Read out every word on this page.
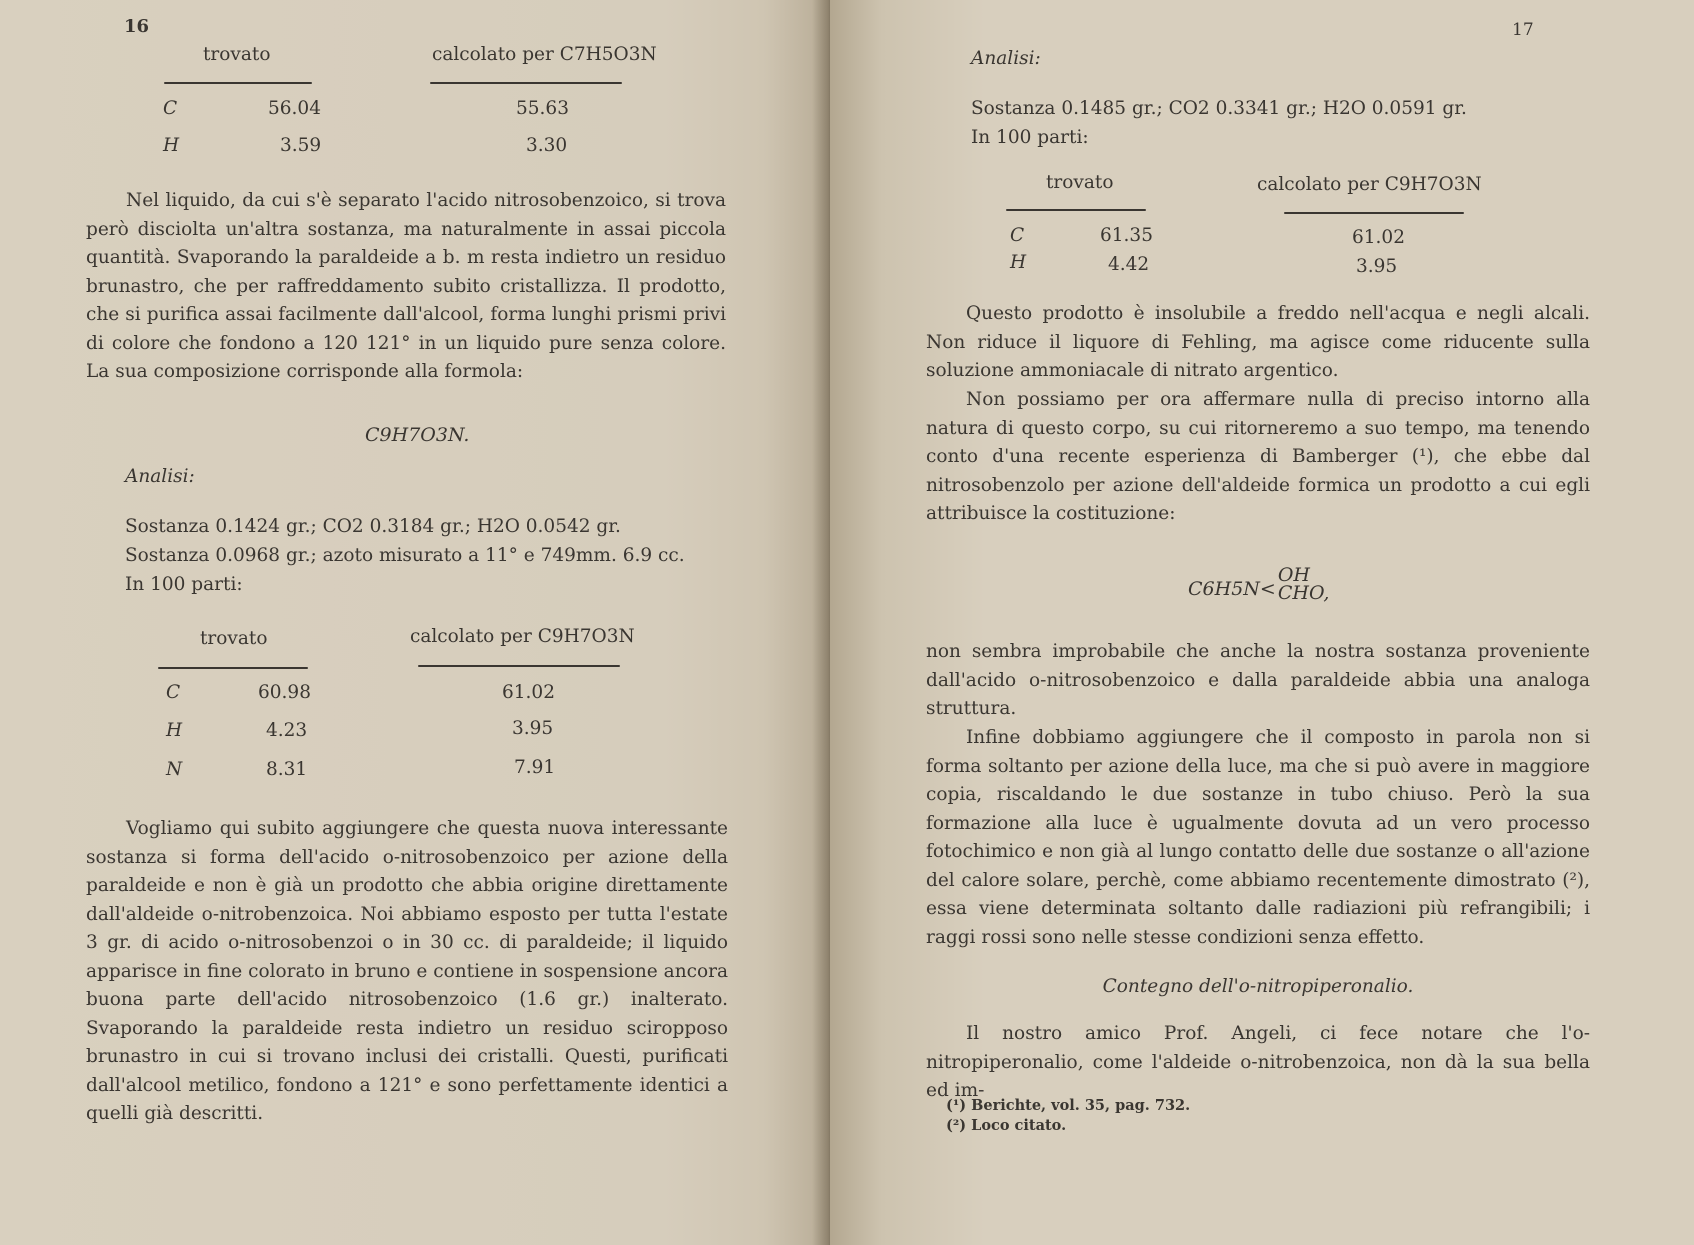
16
trovato	calcolato per C7H5O3N
C	56.04	55.63
H	3.59	3.30

Nel liquido, da cui s'è separato l'acido nitrosobenzoico, si trova però disciolta un'altra sostanza, ma naturalmente in assai piccola quantità. Svaporando la paraldeide a b. m resta indietro un residuo brunastro, che per raffreddamento subito cristallizza. Il prodotto, che si purifica assai facilmente dall'alcool, forma lunghi prismi privi di colore che fondono a 120 121° in un liquido pure senza colore. La sua composizione corrisponde alla formola:

C9H7O3N.
Analisi:
Sostanza 0.1424 gr.; CO2 0.3184 gr.; H2O 0.0542 gr.
Sostanza 0.0968 gr.; azoto misurato a 11° e 749mm. 6.9 cc.
In 100 parti:
trovato	calcolato per C9H7O3N
C	60.98	61.02
H	4.23	3.95
N	8.31	7.91

Vogliamo qui subito aggiungere che questa nuova interessante sostanza si forma dell'acido o-nitrosobenzoico per azione della paraldeide e non è già un prodotto che abbia origine direttamente dall'aldeide o-nitrobenzoica. Noi abbiamo esposto per tutta l'estate 3 gr. di acido o-nitrosobenzoi o in 30 cc. di paraldeide; il liquido apparisce in fine colorato in bruno e contiene in sospensione ancora buona parte dell'acido nitrosobenzoico (1.6 gr.) inalterato. Svaporando la paraldeide resta indietro un residuo sciropposo brunastro in cui si trovano inclusi dei cristalli. Questi, purificati dall'alcool metilico, fondono a 121° e sono perfettamente identici a quelli già descritti.

17
Analisi:
Sostanza 0.1485 gr.; CO2 0.3341 gr.; H2O 0.0591 gr.
In 100 parti:
trovato	calcolato per C9H7O3N
C	61.35	61.02
H	4.42	3.95

Questo prodotto è insolubile a freddo nell'acqua e negli alcali. Non riduce il liquore di Fehling, ma agisce come riducente sulla soluzione ammoniacale di nitrato argentico.

Non possiamo per ora affermare nulla di preciso intorno alla natura di questo corpo, su cui ritorneremo a suo tempo, ma tenendo conto d'una recente esperienza di Bamberger (¹), che ebbe dal nitrosobenzolo per azione dell'aldeide formica un prodotto a cui egli attribuisce la costituzione:

C6H5N<
OH
CHO,

non sembra improbabile che anche la nostra sostanza proveniente dall'acido o-nitrosobenzoico e dalla paraldeide abbia una analoga struttura.

Infine dobbiamo aggiungere che il composto in parola non si forma soltanto per azione della luce, ma che si può avere in maggiore copia, riscaldando le due sostanze in tubo chiuso. Però la sua formazione alla luce è ugualmente dovuta ad un vero processo fotochimico e non già al lungo contatto delle due sostanze o all'azione del calore solare, perchè, come abbiamo recentemente dimostrato (²), essa viene determinata soltanto dalle radiazioni più refrangibili; i raggi rossi sono nelle stesse condizioni senza effetto.

Contegno dell'o-nitropiperonalio.

Il nostro amico Prof. Angeli, ci fece notare che l'o-nitropiperonalio, come l'aldeide o-nitrobenzoica, non dà la sua bella ed im-

(¹) Berichte, vol. 35, pag. 732.
(²) Loco citato.
